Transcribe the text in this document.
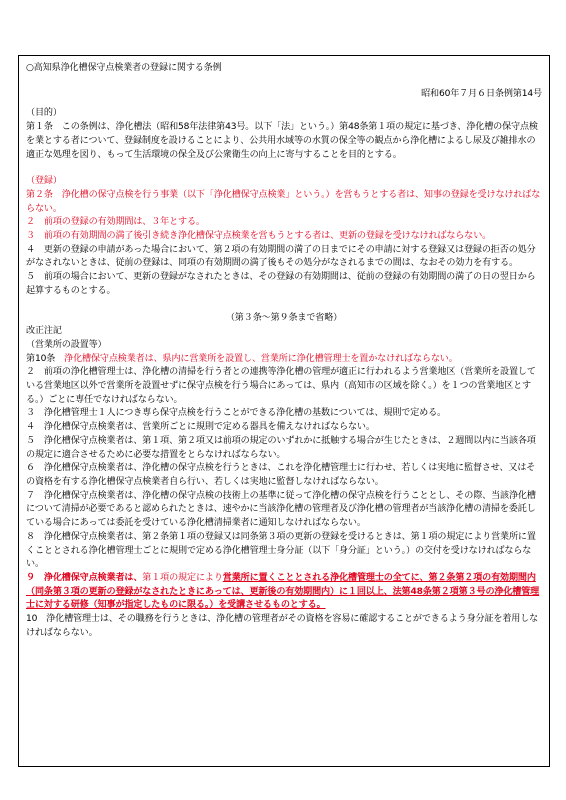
○高知県浄化槽保守点検業者の登録に関する条例

昭和60年７月６日条例第14号

（目的）

第１条　この条例は、浄化槽法（昭和58年法律第43号。以下「法」という。）第48条第１項の規定に基づき、浄化槽の保守点検を業とする者について、登録制度を設けることにより、公共用水域等の水質の保全等の観点から浄化槽によるし尿及び雑排水の適正な処理を図り、もって生活環境の保全及び公衆衛生の向上に寄与することを目的とする。

（登録）

第２条　浄化槽の保守点検を行う事業（以下「浄化槽保守点検業」という。）を営もうとする者は、知事の登録を受けなければならない。

２　前項の登録の有効期間は、３年とする。

３　前項の有効期間の満了後引き続き浄化槽保守点検業を営もうとする者は、更新の登録を受けなければならない。

４　更新の登録の申請があった場合において、第２項の有効期間の満了の日までにその申請に対する登録又は登録の拒否の処分がなされないときは、従前の登録は、同項の有効期間の満了後もその処分がなされるまでの間は、なおその効力を有する。

５　前項の場合において、更新の登録がなされたときは、その登録の有効期間は、従前の登録の有効期間の満了の日の翌日から起算するものとする。

（第３条～第９条まで省略）

改正注記

（営業所の設置等）

第10条　 浄化槽保守点検業者は、県内に営業所を設置し、営業所に浄化槽管理士を置かなければならない。

２　前項の浄化槽管理士は、浄化槽の清掃を行う者との連携等浄化槽の管理が適正に行われるよう営業地区（営業所を設置している営業地区以外で営業所を設置せずに保守点検を行う場合にあっては、県内（高知市の区域を除く。）を１つの営業地区とする。）ごとに専任でなければならない。

３　浄化槽管理士１人につき専ら保守点検を行うことができる浄化槽の基数については、規則で定める。

４　浄化槽保守点検業者は、営業所ごとに規則で定める器具を備えなければならない。

５　浄化槽保守点検業者は、第１項、第２項又は前項の規定のいずれかに抵触する場合が生じたときは、２週間以内に当該各項の規定に適合させるために必要な措置をとらなければならない。

６　浄化槽保守点検業者は、浄化槽の保守点検を行うときは、これを浄化槽管理士に行わせ、若しくは実地に監督させ、又はその資格を有する浄化槽保守点検業者自ら行い、若しくは実地に監督しなければならない。

７　浄化槽保守点検業者は、浄化槽の保守点検の技術上の基準に従って浄化槽の保守点検を行うこととし、その際、当該浄化槽について清掃が必要であると認められたときは、速やかに当該浄化槽の管理者及び浄化槽の管理者が当該浄化槽の清掃を委託している場合にあっては委託を受けている浄化槽清掃業者に通知しなければならない。

８　浄化槽保守点検業者は、第２条第１項の登録又は同条第３項の更新の登録を受けるときは、第１項の規定により営業所に置くこととされる浄化槽管理士ごとに規則で定める浄化槽管理士身分証（以下「身分証」という。）の交付を受けなければならない。

９　浄化槽保守点検業者は、第１項の規定により営業所に置くこととされる浄化槽管理士の全てに、第２条第２項の有効期間内（同条第３項の更新の登録がなされたときにあっては、更新後の有効期間内）に１回以上、法第48条第２項第３号の浄化槽管理士に対する研修（知事が指定したものに限る。）を受講させるものとする。

10　浄化槽管理士は、その職務を行うときは、浄化槽の管理者がその資格を容易に確認することができるよう身分証を着用しなければならない。
